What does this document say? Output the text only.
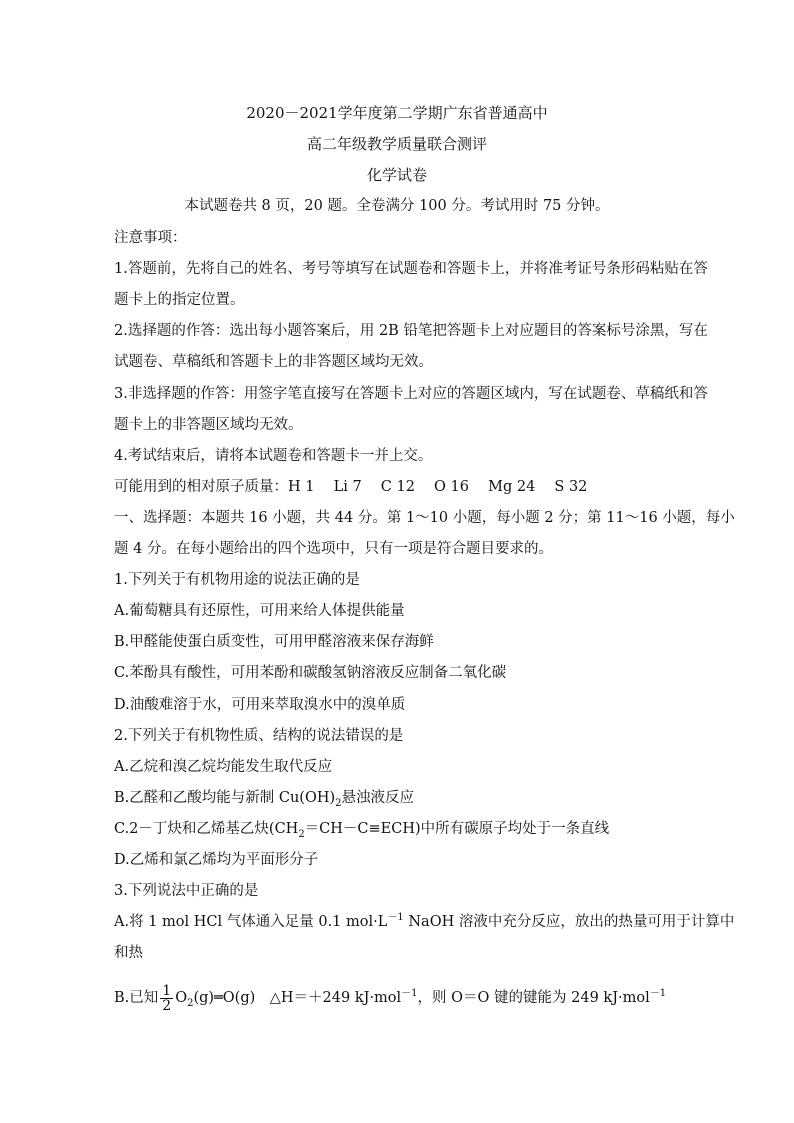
2020－2021学年度第二学期广东省普通高中
高二年级教学质量联合测评
化学试卷
本试题卷共 8 页，20 题。全卷满分 100 分。考试用时 75 分钟。
注意事项：
1.答题前，先将自己的姓名、考号等填写在试题卷和答题卡上，并将准考证号条形码粘贴在答
题卡上的指定位置。
2.选择题的作答：选出每小题答案后，用 2B 铅笔把答题卡上对应题目的答案标号涂黑，写在
试题卷、草稿纸和答题卡上的非答题区域均无效。
3.非选择题的作答：用签字笔直接写在答题卡上对应的答题区域内，写在试题卷、草稿纸和答
题卡上的非答题区域均无效。
4.考试结束后，请将本试题卷和答题卡一并上交。
可能用到的相对原子质量：H 1　 Li 7　 C 12　 O 16　 Mg 24　 S 32
一、选择题：本题共 16 小题，共 44 分。第 1～10 小题，每小题 2 分；第 11～16 小题，每小
题 4 分。在每小题给出的四个选项中，只有一项是符合题目要求的。
1.下列关于有机物用途的说法正确的是
A.葡萄糖具有还原性，可用来给人体提供能量
B.甲醛能使蛋白质变性，可用甲醛溶液来保存海鲜
C.苯酚具有酸性，可用苯酚和碳酸氢钠溶液反应制备二氧化碳
D.油酸难溶于水，可用来萃取溴水中的溴单质
2.下列关于有机物性质、结构的说法错误的是
A.乙烷和溴乙烷均能发生取代反应
B.乙醛和乙酸均能与新制 $Cu(OH)_2$悬浊液反应
C.2－丁炔和乙烯基乙炔$(CH_2=CH-C\equiv ECH)$中所有碳原子均处于一条直线
D.乙烯和氯乙烯均为平面形分子
3.下列说法中正确的是
A.将 1 mol HCl 气体通入足量 0.1 $mol\cdot L^{-1}$ NaOH 溶液中充分反应，放出的热量可用于计算中
和热
B.已知 $\frac{1}{2}$ $O_2(g)═O(g)$　△H＝＋249 kJ·mol$^{-1}$，则 O＝O 键的键能为 249 kJ·mol$^{-1}$
